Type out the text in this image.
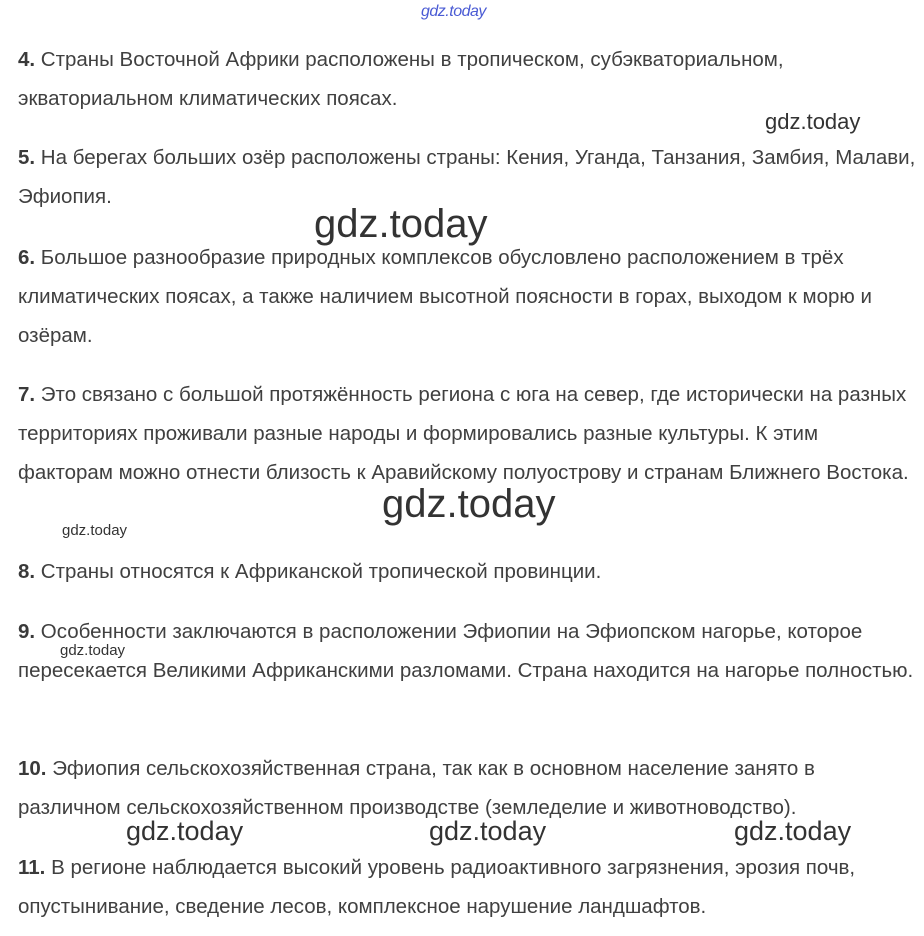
gdz.today

4. Страны Восточной Африки расположены в тропическом, субэкваториальном, экваториальном климатических поясах.

gdz.today

5. На берегах больших озёр расположены страны: Кения, Уганда, Танзания, Замбия, Малави, Эфиопия.

gdz.today

6. Большое разнообразие природных комплексов обусловлено расположением в трёх климатических поясах, а также наличием высотной поясности в горах, выходом к морю и озёрам.

7. Это связано с большой протяжённость региона с юга на север, где исторически на разных территориях проживали разные народы и формировались разные культуры. К этим факторам можно отнести близость к Аравийскому полуострову и странам Ближнего Востока.

gdz.today
gdz.today

8. Страны относятся к Африканской тропической провинции.

9. Особенности заключаются в расположении Эфиопии на Эфиопском нагорье, которое пересекается Великими Африканскими разломами. Страна находится на нагорье полностью.

gdz.today

10. Эфиопия сельскохозяйственная страна, так как в основном население занято в различном сельскохозяйственном производстве (земледелие и животноводство).

gdz.today	gdz.today	gdz.today

11. В регионе наблюдается высокий уровень радиоактивного загрязнения, эрозия почв, опустынивание, сведение лесов, комплексное нарушение ландшафтов.
